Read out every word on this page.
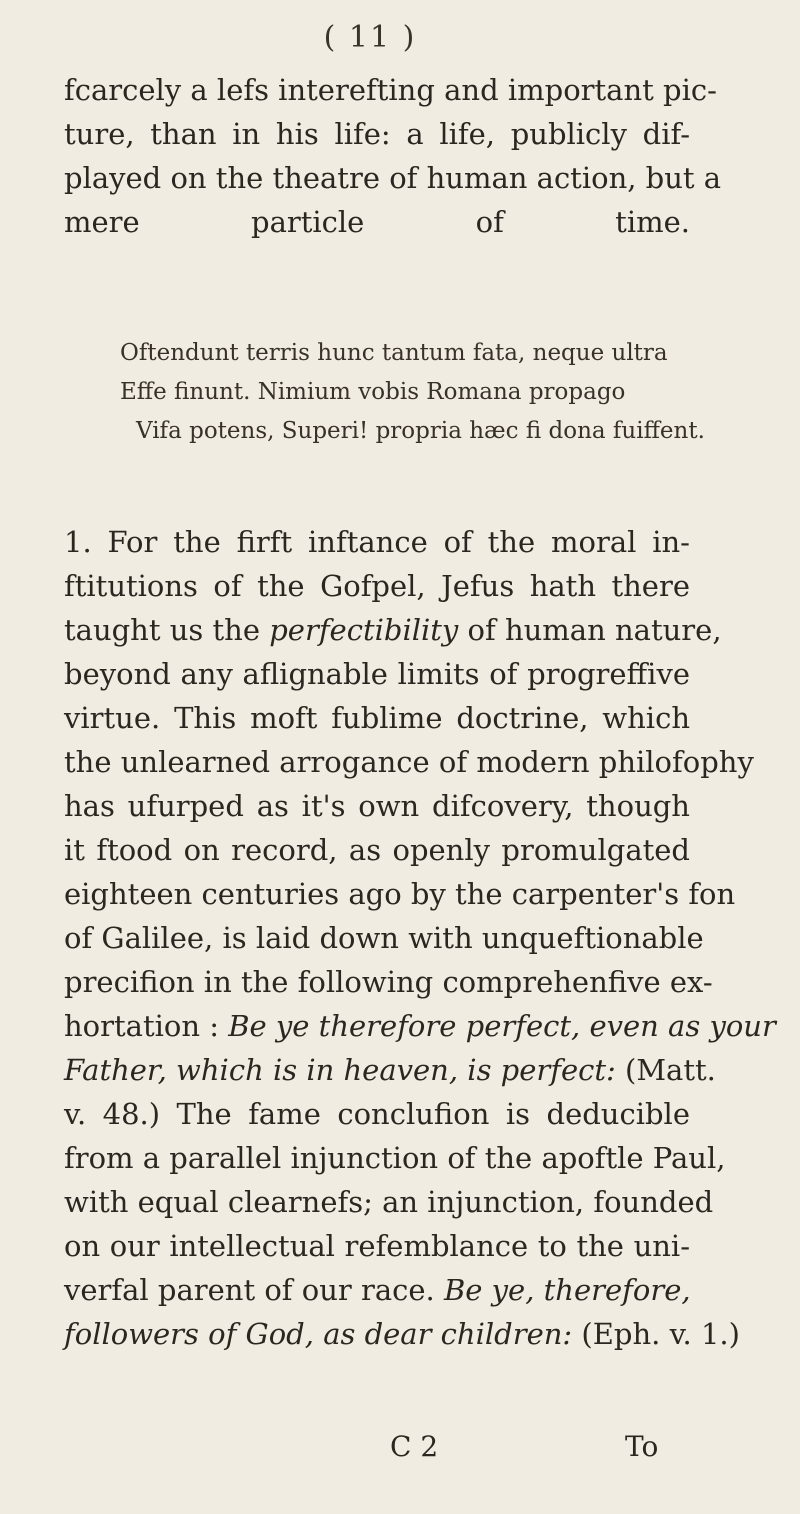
( 11 )
fcarcely a lefs interefting and important pic-
ture, than in his life: a life, publicly dif-
played on the theatre of human action, but a
mere particle of time.
Oftendunt terris hunc tantum fata, neque ultra
Effe finunt. Nimium vobis Romana propago
Vifa potens, Superi! propria hæc fi dona fuiffent.
1. For the firft inftance of the moral in-
ftitutions of the Gofpel, Jefus hath there
taught us the perfectibility of human nature,
beyond any aflignable limits of progreffive
virtue. This moft fublime doctrine, which
the unlearned arrogance of modern philofophy
has ufurped as it's own difcovery, though
it ftood on record, as openly promulgated
eighteen centuries ago by the carpenter's fon
of Galilee, is laid down with unqueftionable
precifion in the following comprehenfive ex-
hortation : Be ye therefore perfect, even as your
Father, which is in heaven, is perfect: (Matt.
v. 48.) The fame conclufion is deducible
from a parallel injunction of the apoftle Paul,
with equal clearnefs; an injunction, founded
on our intellectual refemblance to the uni-
verfal parent of our race. Be ye, therefore,
followers of God, as dear children: (Eph. v. 1.)
C 2	To
